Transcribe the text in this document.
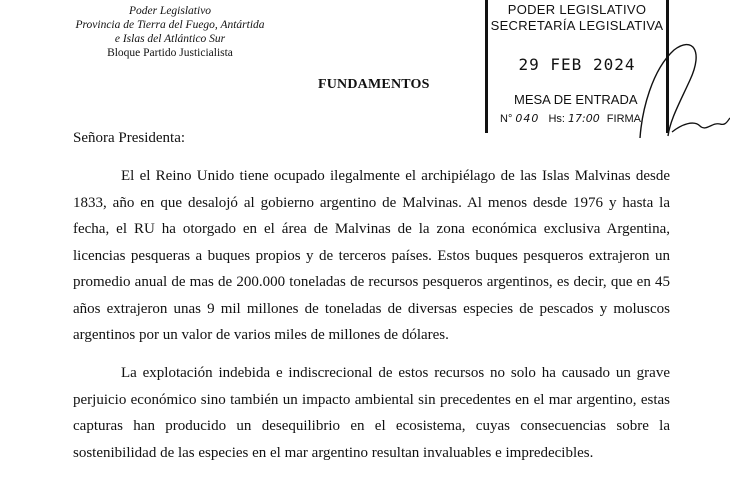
Poder Legislativo
Provincia de Tierra del Fuego, Antártida
e Islas del Atlántico Sur
Bloque Partido Justicialista
FUNDAMENTOS
PODER LEGISLATIVO
SECRETARÍA LEGISLATIVA
29 FEB 2024
MESA DE ENTRADA
N° 040 Hs: 17:00 FIRMA
Señora Presidenta:

El el Reino Unido tiene ocupado ilegalmente el archipiélago de las Islas Malvinas desde 1833, año en que desalojó al gobierno argentino de Malvinas. Al menos desde 1976 y hasta la fecha, el RU ha otorgado en el área de Malvinas de la zona económica exclusiva Argentina, licencias pesqueras a buques propios y de terceros países. Estos buques pesqueros extrajeron un promedio anual de mas de 200.000 toneladas de recursos pesqueros argentinos, es decir, que en 45 años extrajeron unas 9 mil millones de toneladas de diversas especies de pescados y moluscos argentinos por un valor de varios miles de millones de dólares.

La explotación indebida e indiscrecional de estos recursos no solo ha causado un grave perjuicio económico sino también un impacto ambiental sin precedentes en el mar argentino, estas capturas han producido un desequilibrio en el ecosistema, cuyas consecuencias sobre la sostenibilidad de las especies en el mar argentino resultan invaluables e impredecibles.
